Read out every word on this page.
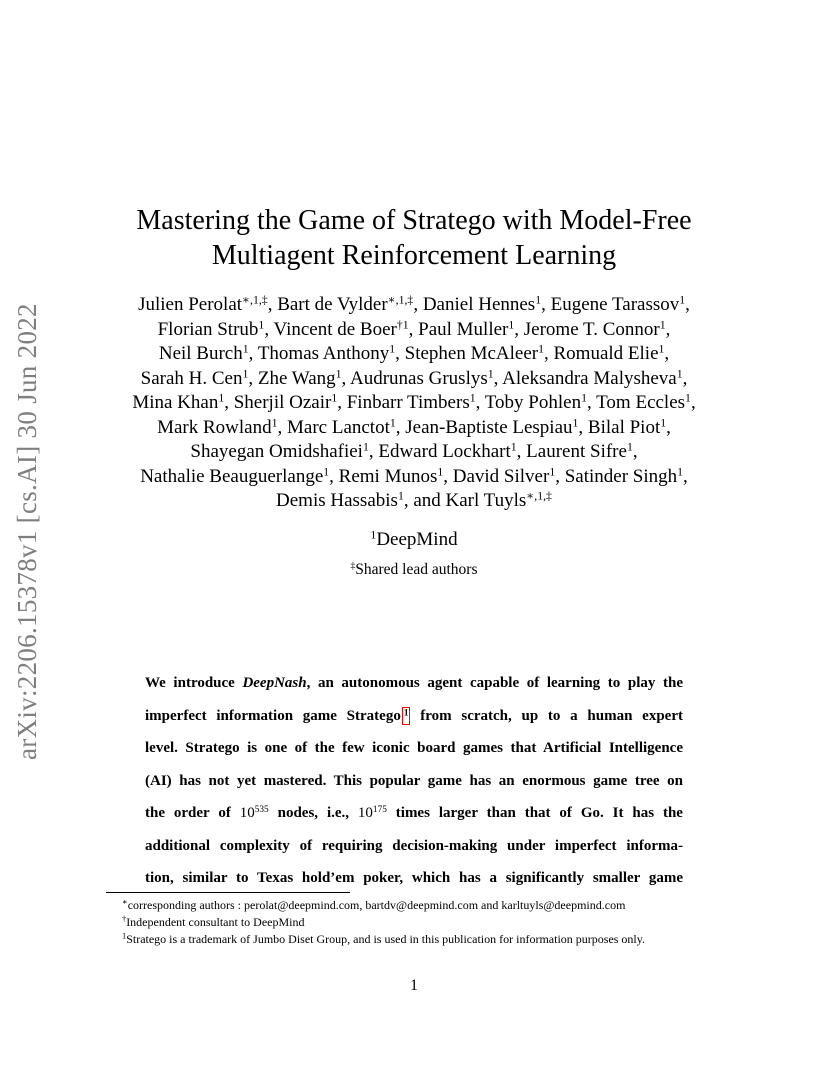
arXiv:2206.15378v1 [cs.AI] 30 Jun 2022
Mastering the Game of Stratego with Model-Free
Multiagent Reinforcement Learning
Julien Perolat$^{∗,1,\ddagger}$, Bart de Vylder$^{∗,1,\ddagger}$, Daniel Hennes$^1$, Eugene Tarassov$^1$,
Florian Strub$^1$, Vincent de Boer$^{\dagger 1}$, Paul Muller$^1$, Jerome T. Connor$^1$,
Neil Burch$^1$, Thomas Anthony$^1$, Stephen McAleer$^1$, Romuald Elie$^1$,
Sarah H. Cen$^1$, Zhe Wang$^1$, Audrunas Gruslys$^1$, Aleksandra Malysheva$^1$,
Mina Khan$^1$, Sherjil Ozair$^1$, Finbarr Timbers$^1$, Toby Pohlen$^1$, Tom Eccles$^1$,
Mark Rowland$^1$, Marc Lanctot$^1$, Jean-Baptiste Lespiau$^1$, Bilal Piot$^1$,
Shayegan Omidshafiei$^1$, Edward Lockhart$^1$, Laurent Sifre$^1$,
Nathalie Beauguerlange$^1$, Remi Munos$^1$, David Silver$^1$, Satinder Singh$^1$,
Demis Hassabis$^1$, and Karl Tuyls$^{∗,1,\ddagger}$
$^1$DeepMind
‡Shared lead authors
We introduce DeepNash, an autonomous agent capable of learning to play the
imperfect information game Stratego $^1$ from scratch, up to a human expert
level. Stratego is one of the few iconic board games that Artificial Intelligence
(AI) has not yet mastered. This popular game has an enormous game tree on
the order of $10^{535}$ nodes, i.e., $10^{175}$ times larger than that of Go. It has the
additional complexity of requiring decision-making under imperfect informa-
tion, similar to Texas hold’em poker, which has a significantly smaller game
∗corresponding authors : perolat@deepmind.com, bartdv@deepmind.com and karltuyls@deepmind.com
†Independent consultant to DeepMind
$^1$Stratego is a trademark of Jumbo Diset Group, and is used in this publication for information purposes only.
1
